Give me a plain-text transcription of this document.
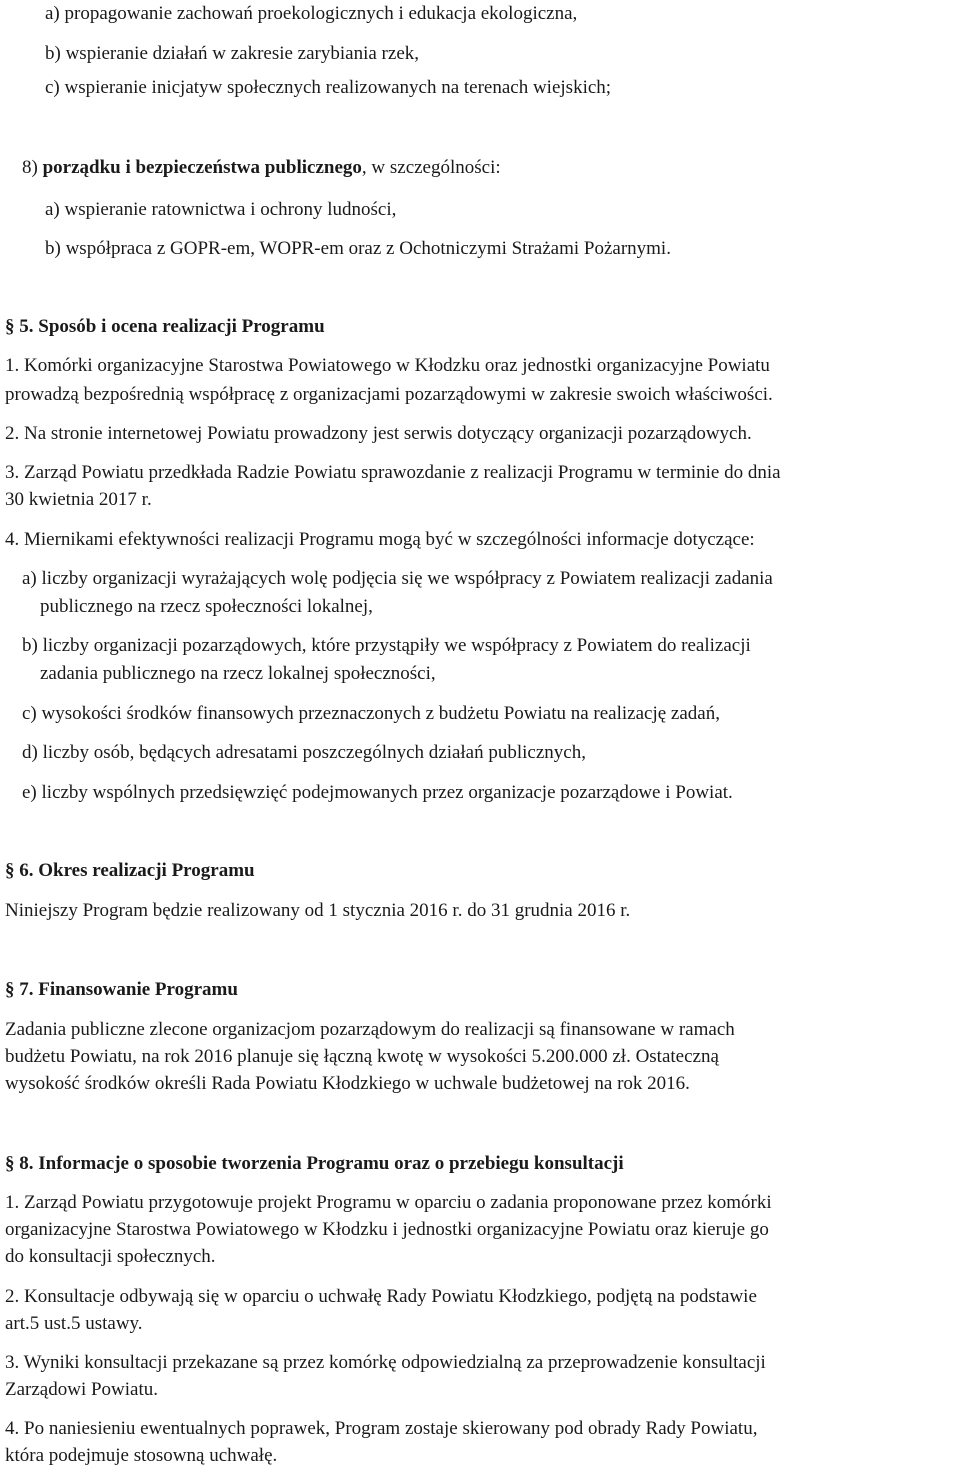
a) propagowanie zachowań proekologicznych i edukacja ekologiczna,

b) wspieranie działań w zakresie zarybiania rzek,

c) wspieranie inicjatyw społecznych realizowanych na terenach wiejskich;

8) porządku i bezpieczeństwa publicznego, w szczególności:

a) wspieranie ratownictwa i ochrony ludności,

b) współpraca z GOPR-em, WOPR-em oraz z Ochotniczymi Strażami Pożarnymi.

§ 5. Sposób i ocena realizacji Programu

1. Komórki organizacyjne Starostwa Powiatowego w Kłodzku oraz jednostki organizacyjne Powiatu

prowadzą bezpośrednią współpracę z organizacjami pozarządowymi w zakresie swoich właściwości.

2. Na stronie internetowej Powiatu prowadzony jest serwis dotyczący organizacji pozarządowych.

3. Zarząd Powiatu przedkłada Radzie Powiatu sprawozdanie z realizacji Programu w terminie do dnia

30 kwietnia 2017 r.

4. Miernikami efektywności realizacji Programu mogą być w szczególności informacje dotyczące:

a) liczby organizacji wyrażających wolę podjęcia się we współpracy z Powiatem realizacji zadania

publicznego na rzecz społeczności lokalnej,

b) liczby organizacji pozarządowych, które przystąpiły we współpracy z Powiatem do realizacji

zadania publicznego na rzecz lokalnej społeczności,

c) wysokości środków finansowych przeznaczonych z budżetu Powiatu na realizację zadań,

d) liczby osób, będących adresatami poszczególnych działań publicznych,

e) liczby wspólnych przedsięwzięć podejmowanych przez organizacje pozarządowe i Powiat.

§ 6. Okres realizacji Programu

Niniejszy Program będzie realizowany od 1 stycznia 2016 r. do 31 grudnia 2016 r.

§ 7. Finansowanie Programu

Zadania publiczne zlecone organizacjom pozarządowym do realizacji są finansowane w ramach

budżetu Powiatu, na rok 2016 planuje się łączną kwotę w wysokości 5.200.000 zł. Ostateczną

wysokość środków określi Rada Powiatu Kłodzkiego w uchwale budżetowej na rok 2016.

§ 8. Informacje o sposobie tworzenia Programu oraz o przebiegu konsultacji

1. Zarząd Powiatu przygotowuje projekt Programu w oparciu o zadania proponowane przez komórki

organizacyjne Starostwa Powiatowego w Kłodzku i jednostki organizacyjne Powiatu oraz kieruje go

do konsultacji społecznych.

2. Konsultacje odbywają się w oparciu o uchwałę Rady Powiatu Kłodzkiego, podjętą na podstawie

art.5 ust.5 ustawy.

3. Wyniki konsultacji przekazane są przez komórkę odpowiedzialną za przeprowadzenie konsultacji

Zarządowi Powiatu.

4. Po naniesieniu ewentualnych poprawek, Program zostaje skierowany pod obrady Rady Powiatu,

która podejmuje stosowną uchwałę.
